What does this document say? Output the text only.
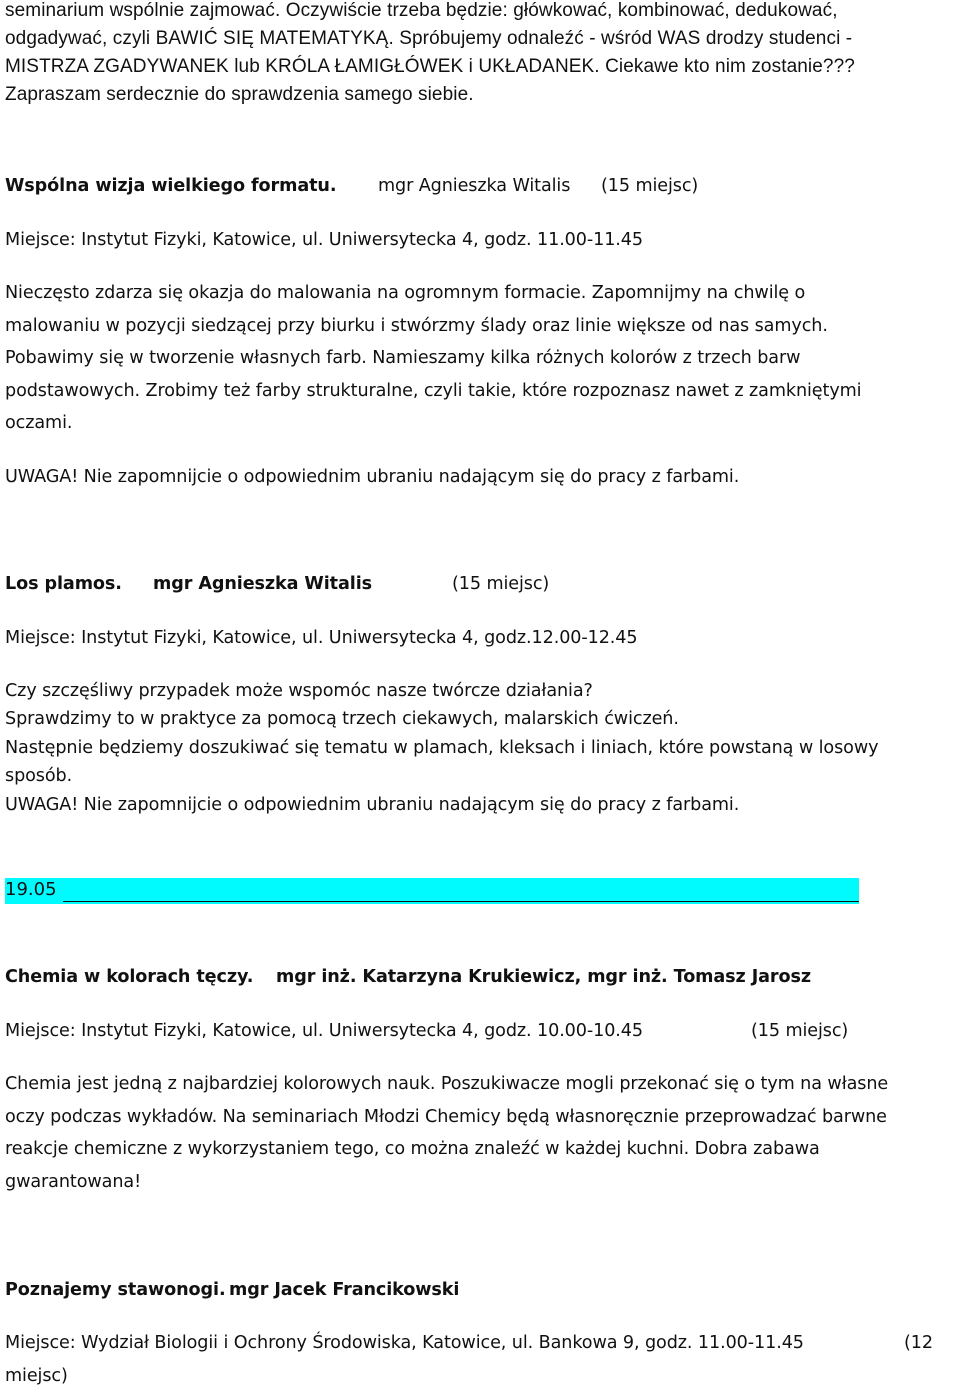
seminarium wspólnie zajmować. Oczywiście trzeba będzie: główkować, kombinować, dedukować,
odgadywać, czyli BAWIĆ SIĘ MATEMATYKĄ. Spróbujemy odnaleźć - wśród WAS drodzy studenci -
MISTRZA ZGADYWANEK lub KRÓLA ŁAMIGŁÓWEK i UKŁADANEK. Ciekawe kto nim zostanie???
Zapraszam serdecznie do sprawdzenia samego siebie.
Wspólna wizja wielkiego formatu. mgr Agnieszka Witalis (15 miejsc)
Miejsce: Instytut Fizyki, Katowice, ul. Uniwersytecka 4, godz. 11.00-11.45
Nieczęsto zdarza się okazja do malowania na ogromnym formacie. Zapomnijmy na chwilę o
malowaniu w pozycji siedzącej przy biurku i stwórzmy ślady oraz linie większe od nas samych.
Pobawimy się w tworzenie własnych farb. Namieszamy kilka różnych kolorów z trzech barw
podstawowych. Zrobimy też farby strukturalne, czyli takie, które rozpoznasz nawet z zamkniętymi
oczami.
UWAGA! Nie zapomnijcie o odpowiednim ubraniu nadającym się do pracy z farbami.
Los plamos. mgr Agnieszka Witalis	(15 miejsc)
Miejsce: Instytut Fizyki, Katowice, ul. Uniwersytecka 4, godz.12.00-12.45
Czy szczęśliwy przypadek może wspomóc nasze twórcze działania?
Sprawdzimy to w praktyce za pomocą trzech ciekawych, malarskich ćwiczeń.
Następnie będziemy doszukiwać się tematu w plamach, kleksach i liniach, które powstaną w losowy
sposób.
UWAGA! Nie zapomnijcie o odpowiednim ubraniu nadającym się do pracy z farbami.
19.05
Chemia w kolorach tęczy. mgr inż. Katarzyna Krukiewicz, mgr inż. Tomasz Jarosz
Miejsce: Instytut Fizyki, Katowice, ul. Uniwersytecka 4, godz. 10.00-10.45	(15 miejsc)
Chemia jest jedną z najbardziej kolorowych nauk. Poszukiwacze mogli przekonać się o tym na własne
oczy podczas wykładów. Na seminariach Młodzi Chemicy będą własnoręcznie przeprowadzać barwne
reakcje chemiczne z wykorzystaniem tego, co można znaleźć w każdej kuchni. Dobra zabawa
gwarantowana!
Poznajemy stawonogi. mgr Jacek Francikowski
Miejsce: Wydział Biologii i Ochrony Środowiska, Katowice, ul. Bankowa 9, godz. 11.00-11.45	(12
miejsc)
